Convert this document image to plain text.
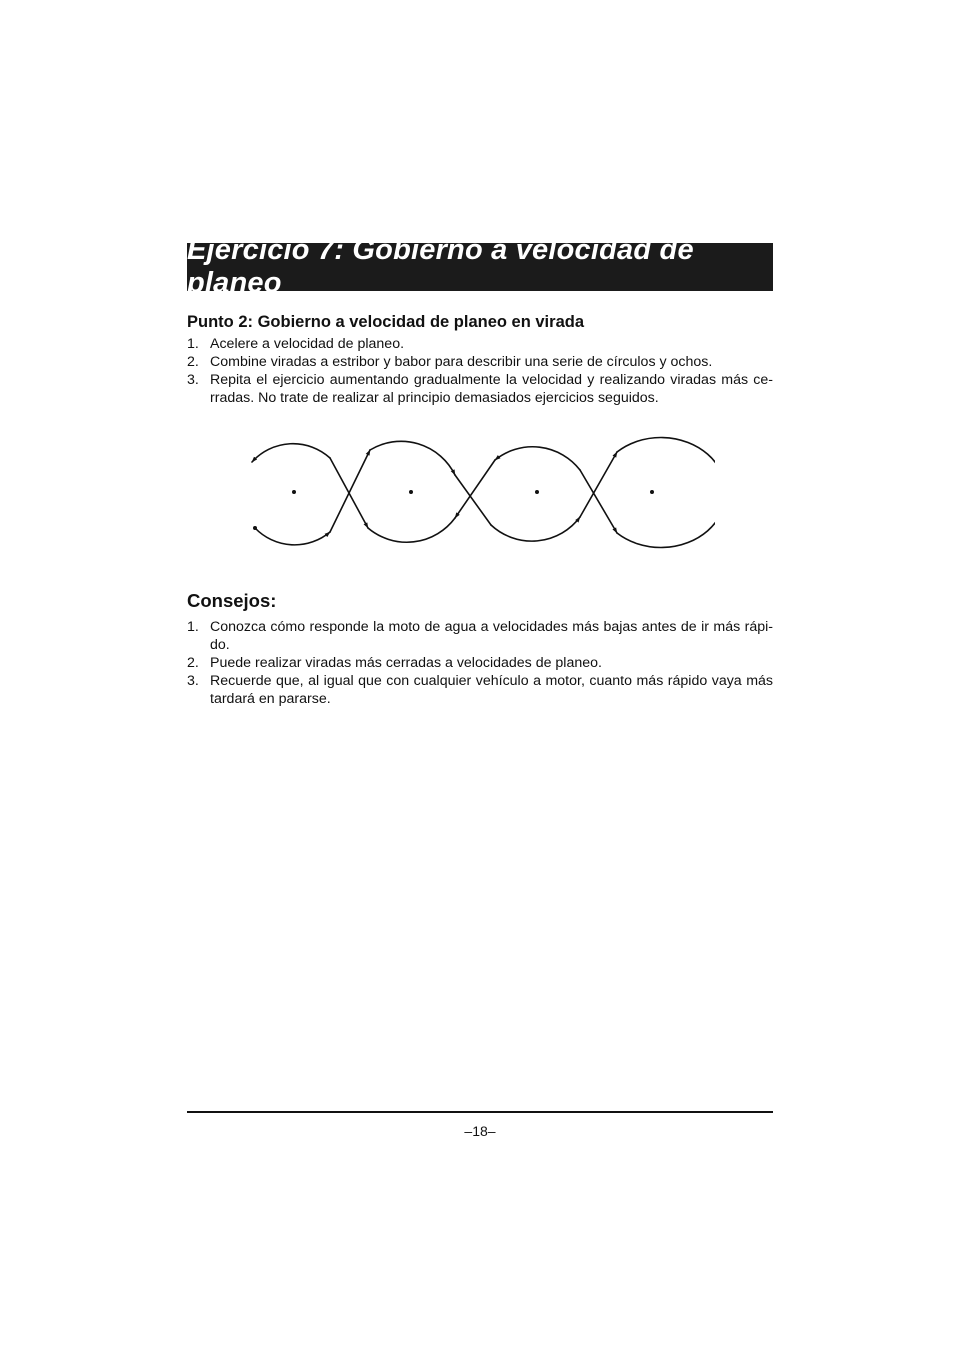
Ejercicio 7: Gobierno a velocidad de planeo
Punto 2: Gobierno a velocidad de planeo en virada
1. Acelere a velocidad de planeo.
2. Combine viradas a estribor y babor para describir una serie de círculos y ochos.
3. Repita el ejercicio aumentando gradualmente la velocidad y realizando viradas más ce-rradas. No trate de realizar al principio demasiados ejercicios seguidos.
Consejos:
1. Conozca cómo responde la moto de agua a velocidades más bajas antes de ir más rápi-do.
2. Puede realizar viradas más cerradas a velocidades de planeo.
3. Recuerde que, al igual que con cualquier vehículo a motor, cuanto más rápido vaya más tardará en pararse.
–18–
